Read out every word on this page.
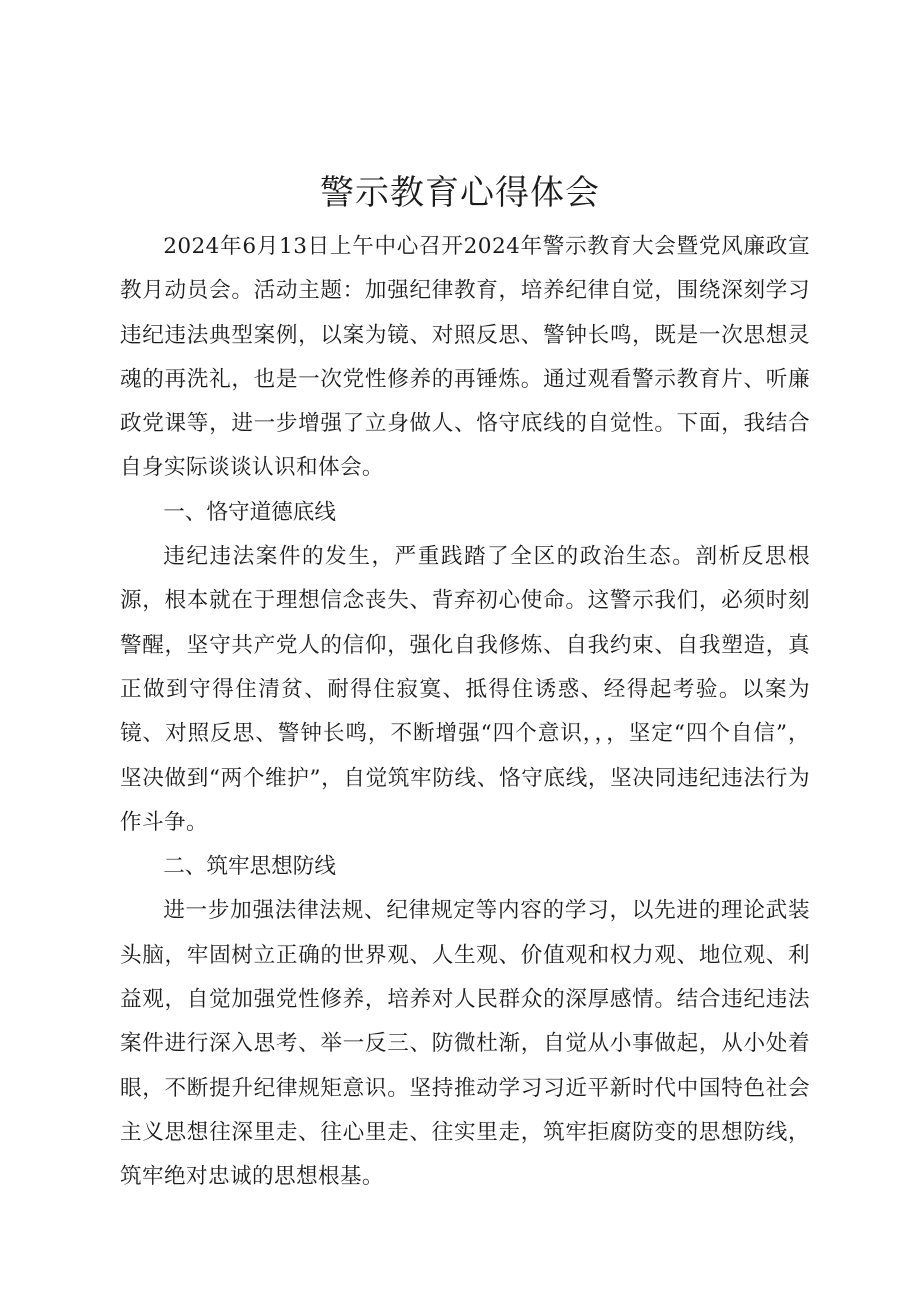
警示教育心得体会

2024年6月13日上午中心召开2024年警示教育大会暨党风廉政宣教月动员会。活动主题：加强纪律教育，培养纪律自觉，围绕深刻学习违纪违法典型案例，以案为镜、对照反思、警钟长鸣，既是一次思想灵魂的再洗礼，也是一次党性修养的再锤炼。通过观看警示教育片、听廉政党课等，进一步增强了立身做人、恪守底线的自觉性。下面，我结合自身实际谈谈认识和体会。

一、恪守道德底线

违纪违法案件的发生，严重践踏了全区的政治生态。剖析反思根源，根本就在于理想信念丧失、背弃初心使命。这警示我们，必须时刻警醒，坚守共产党人的信仰，强化自我修炼、自我约束、自我塑造，真正做到守得住清贫、耐得住寂寞、抵得住诱惑、经得起考验。以案为镜、对照反思、警钟长鸣，不断增强“四个意识，，，坚定“四个自信”，坚决做到“两个维护”，自觉筑牢防线、恪守底线，坚决同违纪违法行为作斗争。

二、筑牢思想防线

进一步加强法律法规、纪律规定等内容的学习，以先进的理论武装头脑，牢固树立正确的世界观、人生观、价值观和权力观、地位观、利益观，自觉加强党性修养，培养对人民群众的深厚感情。结合违纪违法案件进行深入思考、举一反三、防微杜渐，自觉从小事做起，从小处着眼，不断提升纪律规矩意识。坚持推动学习习近平新时代中国特色社会主义思想往深里走、往心里走、往实里走，筑牢拒腐防变的思想防线，筑牢绝对忠诚的思想根基。
